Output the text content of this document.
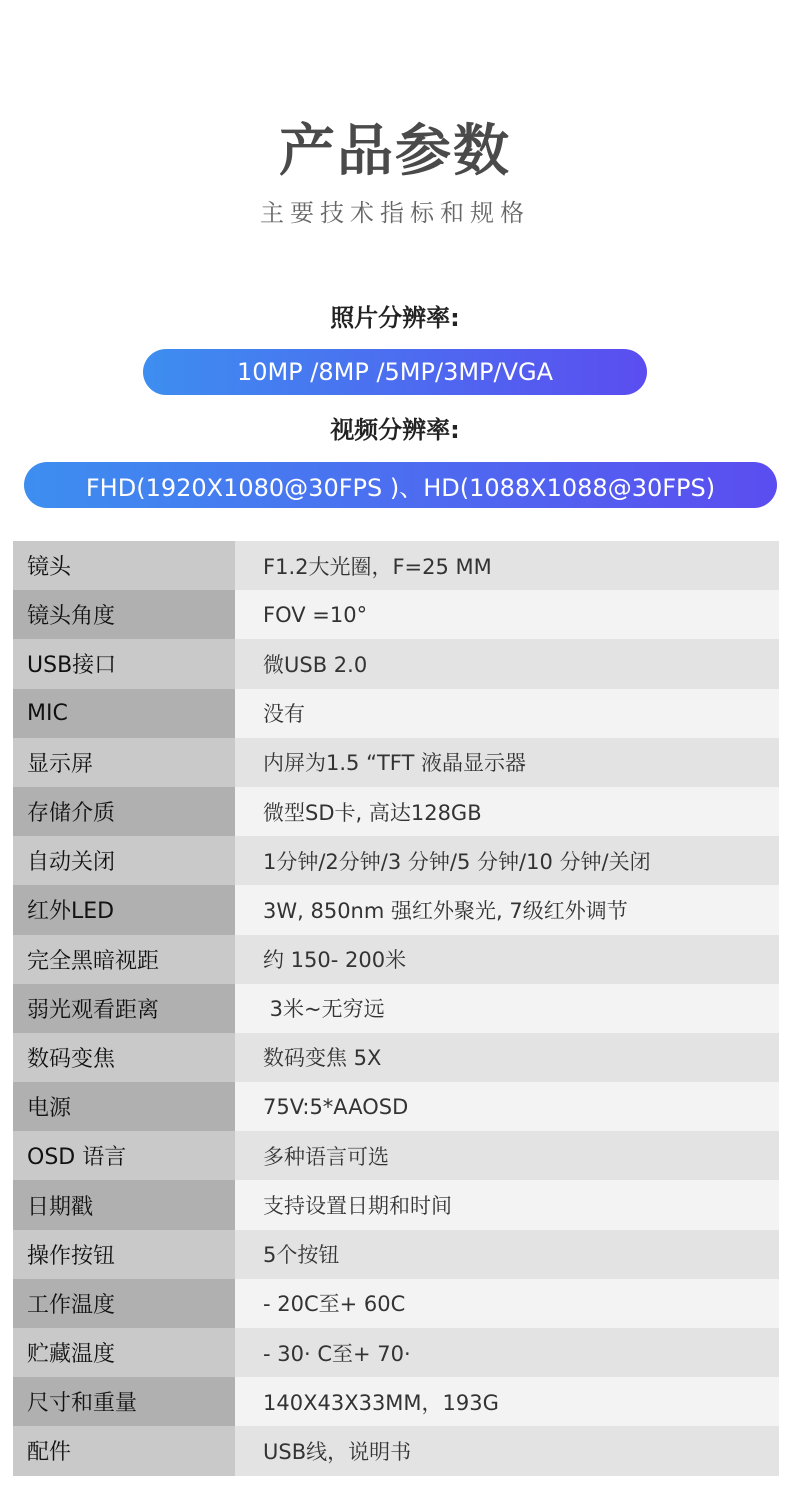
产品参数
主要技术指标和规格
照片分辨率:
10MP /8MP /5MP/3MP/VGA
视频分辨率:
FHD(1920X1080@30FPS )、HD(1088X1088@30FPS)
镜头	F1.2大光圈，F=25 MM
镜头角度	FOV =10°
USB接口	微USB 2.0
MIC	没有
显示屏	内屏为1.5 “TFT 液晶显示器
存储介质	微型SD卡, 高达128GB
自动关闭	1分钟/2分钟/3 分钟/5 分钟/10 分钟/关闭
红外LED	3W, 850nm 强红外聚光, 7级红外调节
完全黑暗视距	约 150- 200米
弱光观看距离	3米~无穷远
数码变焦	数码变焦 5X
电源	75V:5*AAOSD
OSD 语言	多种语言可选
日期戳	支持设置日期和时间
操作按钮	5个按钮
工作温度	- 20C至+ 60C
贮藏温度	- 30· C至+ 70·
尺寸和重量	140X43X33MM，193G
配件	USB线，说明书
